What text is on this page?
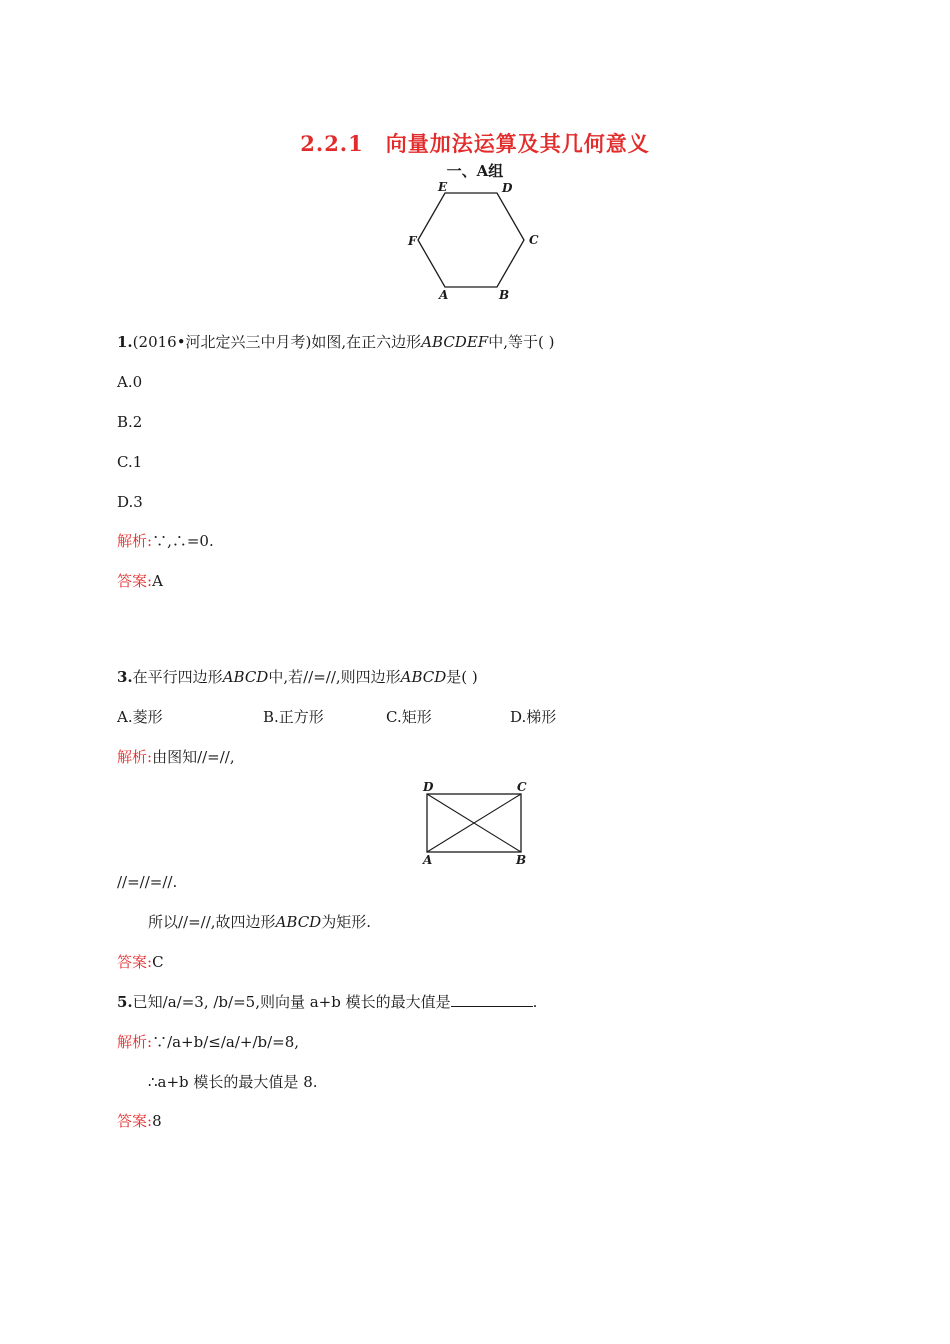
2.2.1 向量加法运算及其几何意义
一、A组
E	D
F	C
A	B
1.(2016•河北定兴三中月考)如图,在正六边形ABCDEF中,等于( )
A.0
B.2
C.1
D.3
解析:∵,∴=0.
答案:A
3.在平行四边形ABCD中,若//=//,则四边形ABCD是( )
A.菱形	B.正方形	C.矩形	D.梯形
解析:由图知//=//,
D	C
A	B
//=//=//.
所以//=//,故四边形ABCD为矩形.
答案:C
5.已知/a/=3, /b/=5,则向量 a+b 模长的最大值是	.
解析:∵/a+b/≤/a/+/b/=8,
∴a+b 模长的最大值是 8.
答案:8
